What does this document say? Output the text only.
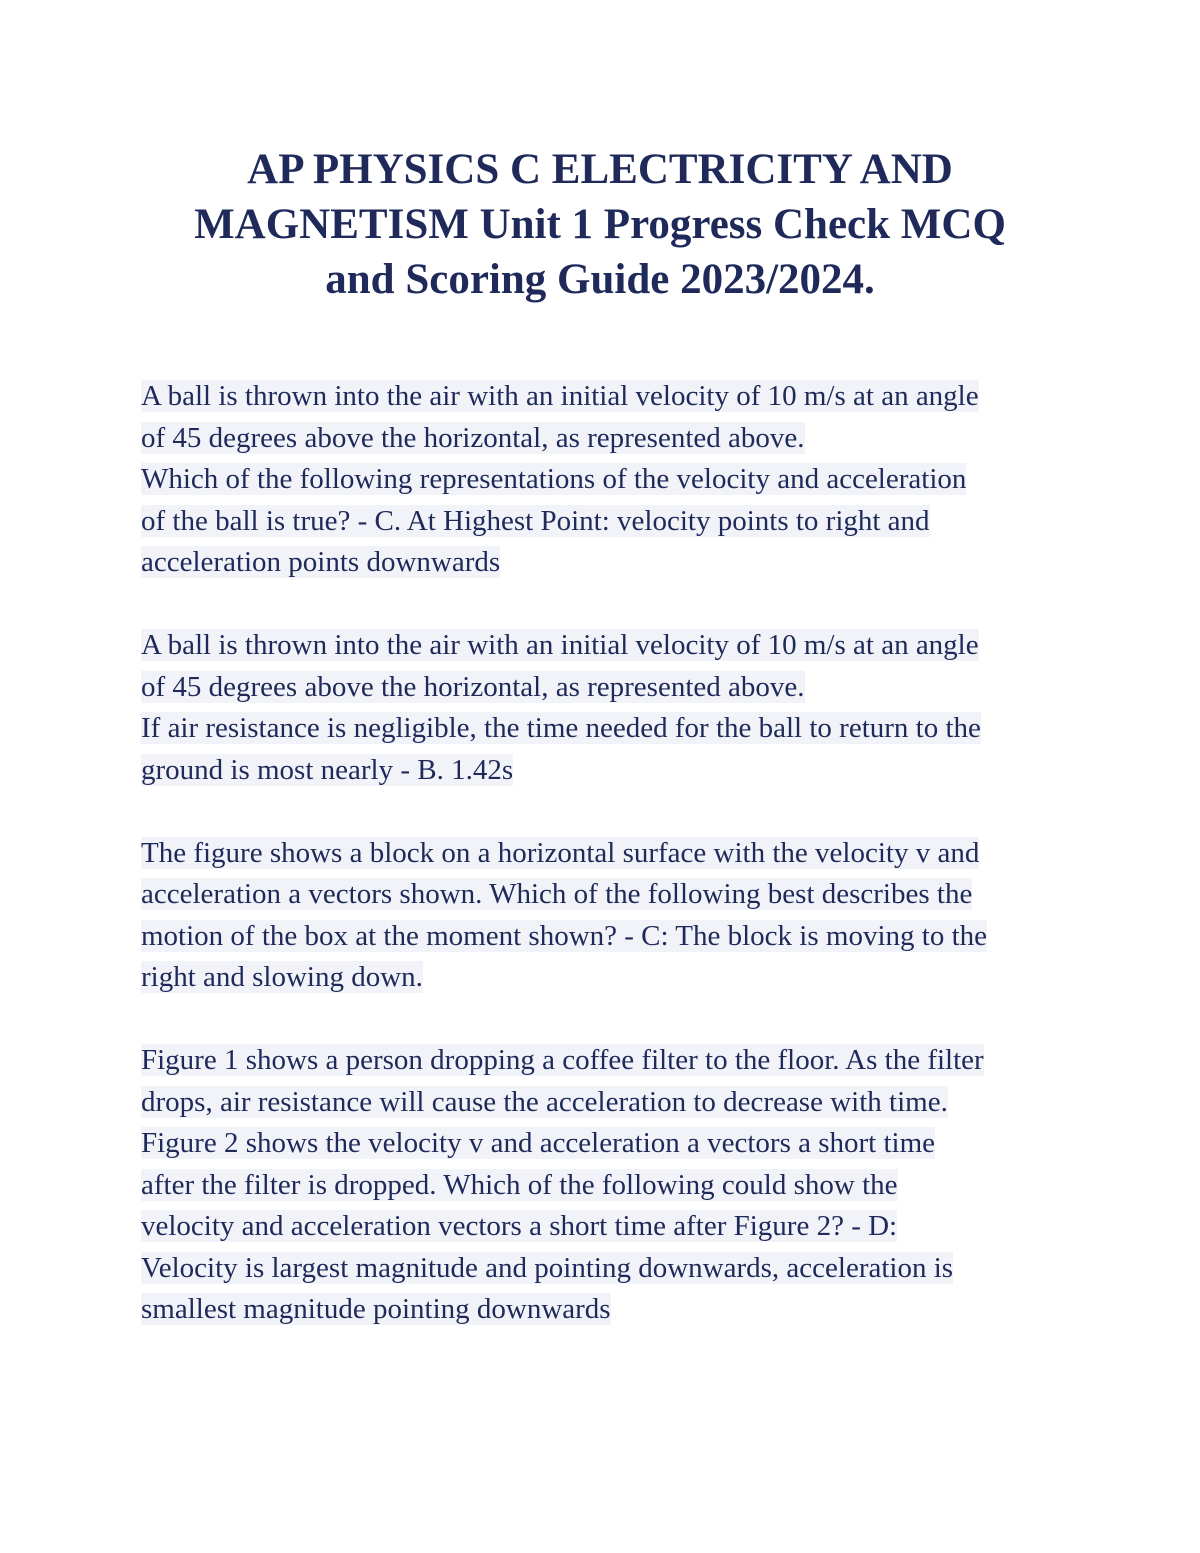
AP PHYSICS C ELECTRICITY AND
MAGNETISM Unit 1 Progress Check MCQ
and Scoring Guide 2023/2024.

A ball is thrown into the air with an initial velocity of 10 m/s at an angle
of 45 degrees above the horizontal, as represented above.
Which of the following representations of the velocity and acceleration
of the ball is true? - C. At Highest Point: velocity points to right and
acceleration points downwards

A ball is thrown into the air with an initial velocity of 10 m/s at an angle
of 45 degrees above the horizontal, as represented above.
If air resistance is negligible, the time needed for the ball to return to the
ground is most nearly - B. 1.42s

The figure shows a block on a horizontal surface with the velocity v and
acceleration a vectors shown. Which of the following best describes the
motion of the box at the moment shown? - C: The block is moving to the
right and slowing down.

Figure 1 shows a person dropping a coffee filter to the floor. As the filter
drops, air resistance will cause the acceleration to decrease with time.
Figure 2 shows the velocity v and acceleration a vectors a short time
after the filter is dropped. Which of the following could show the
velocity and acceleration vectors a short time after Figure 2? - D:
Velocity is largest magnitude and pointing downwards, acceleration is
smallest magnitude pointing downwards
